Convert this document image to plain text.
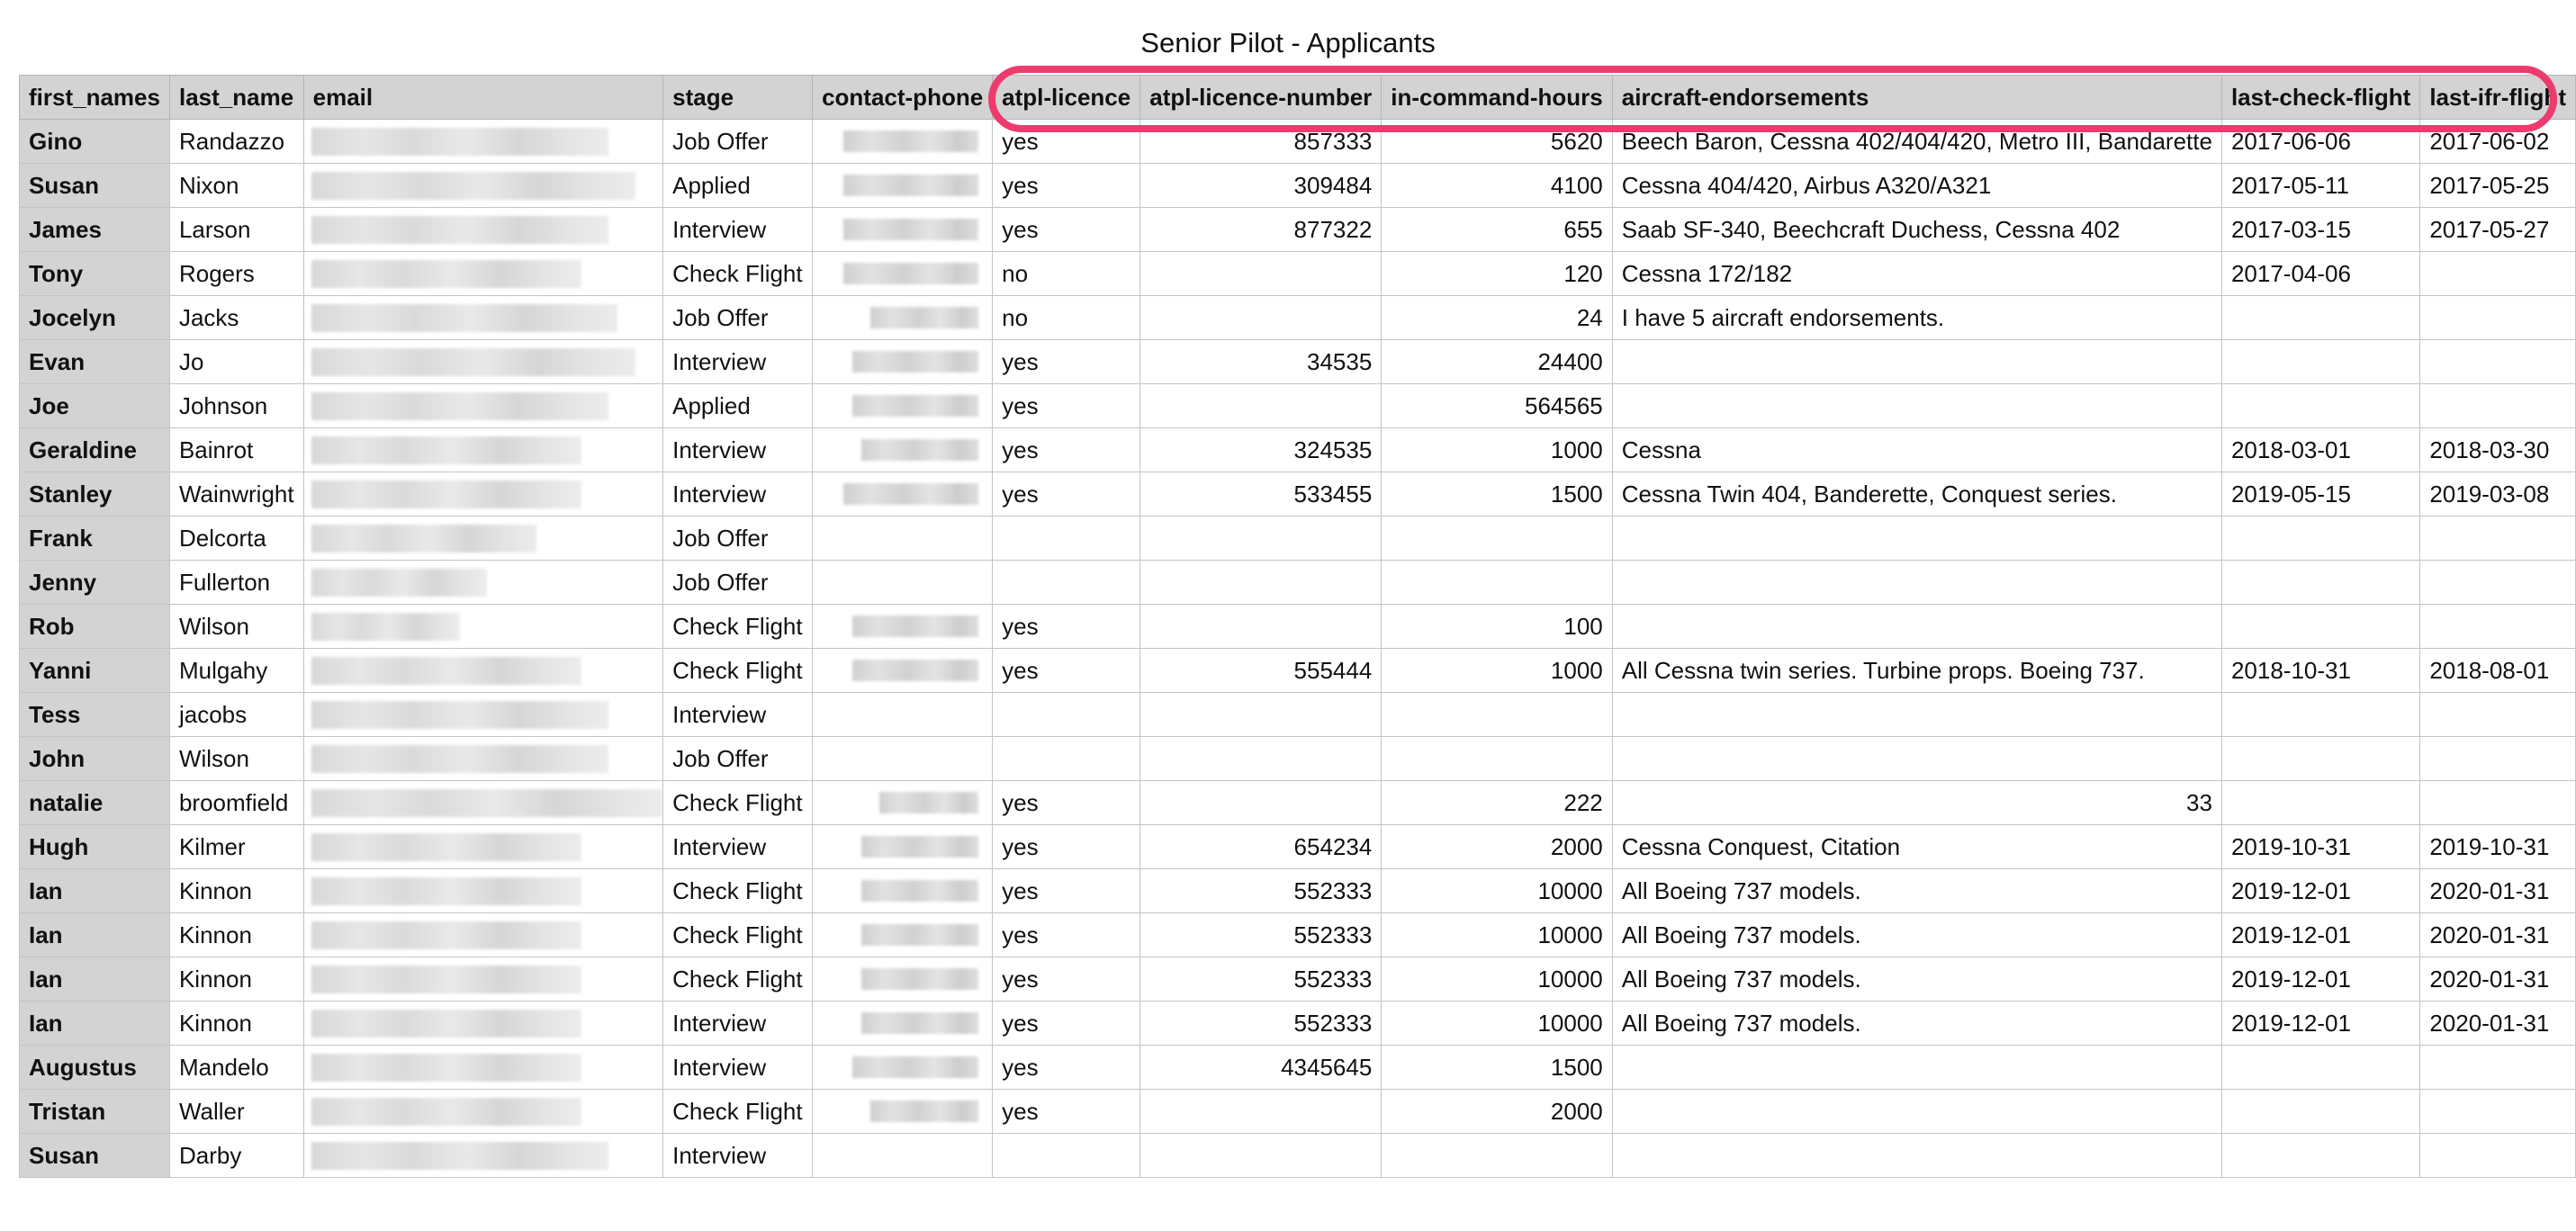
Senior Pilot - Applicants
first_names	last_name	email	stage	contact-phone	atpl-licence	atpl-licence-number	in-command-hours	aircraft-endorsements	last-check-flight	last-ifr-flight
Gino	Randazzo		Job Offer		yes	857333	5620	Beech Baron, Cessna 402/404/420, Metro III, Bandarette	2017-06-06	2017-06-02
Susan	Nixon		Applied		yes	309484	4100	Cessna 404/420, Airbus A320/A321	2017-05-11	2017-05-25
James	Larson		Interview		yes	877322	655	Saab SF-340, Beechcraft Duchess, Cessna 402	2017-03-15	2017-05-27
Tony	Rogers		Check Flight		no		120	Cessna 172/182	2017-04-06	
Jocelyn	Jacks		Job Offer		no		24	I have 5 aircraft endorsements.		
Evan	Jo		Interview		yes	34535	24400			
Joe	Johnson		Applied		yes		564565			
Geraldine	Bainrot		Interview		yes	324535	1000	Cessna	2018-03-01	2018-03-30
Stanley	Wainwright		Interview		yes	533455	1500	Cessna Twin 404, Banderette, Conquest series.	2019-05-15	2019-03-08
Frank	Delcorta		Job Offer							
Jenny	Fullerton		Job Offer							
Rob	Wilson		Check Flight		yes		100			
Yanni	Mulgahy		Check Flight		yes	555444	1000	All Cessna twin series. Turbine props. Boeing 737.	2018-10-31	2018-08-01
Tess	jacobs		Interview							
John	Wilson		Job Offer							
natalie	broomfield		Check Flight		yes		222	33		
Hugh	Kilmer		Interview		yes	654234	2000	Cessna Conquest, Citation	2019-10-31	2019-10-31
Ian	Kinnon		Check Flight		yes	552333	10000	All Boeing 737 models.	2019-12-01	2020-01-31
Ian	Kinnon		Check Flight		yes	552333	10000	All Boeing 737 models.	2019-12-01	2020-01-31
Ian	Kinnon		Check Flight		yes	552333	10000	All Boeing 737 models.	2019-12-01	2020-01-31
Ian	Kinnon		Interview		yes	552333	10000	All Boeing 737 models.	2019-12-01	2020-01-31
Augustus	Mandelo		Interview		yes	4345645	1500			
Tristan	Waller		Check Flight		yes		2000			
Susan	Darby		Interview							
